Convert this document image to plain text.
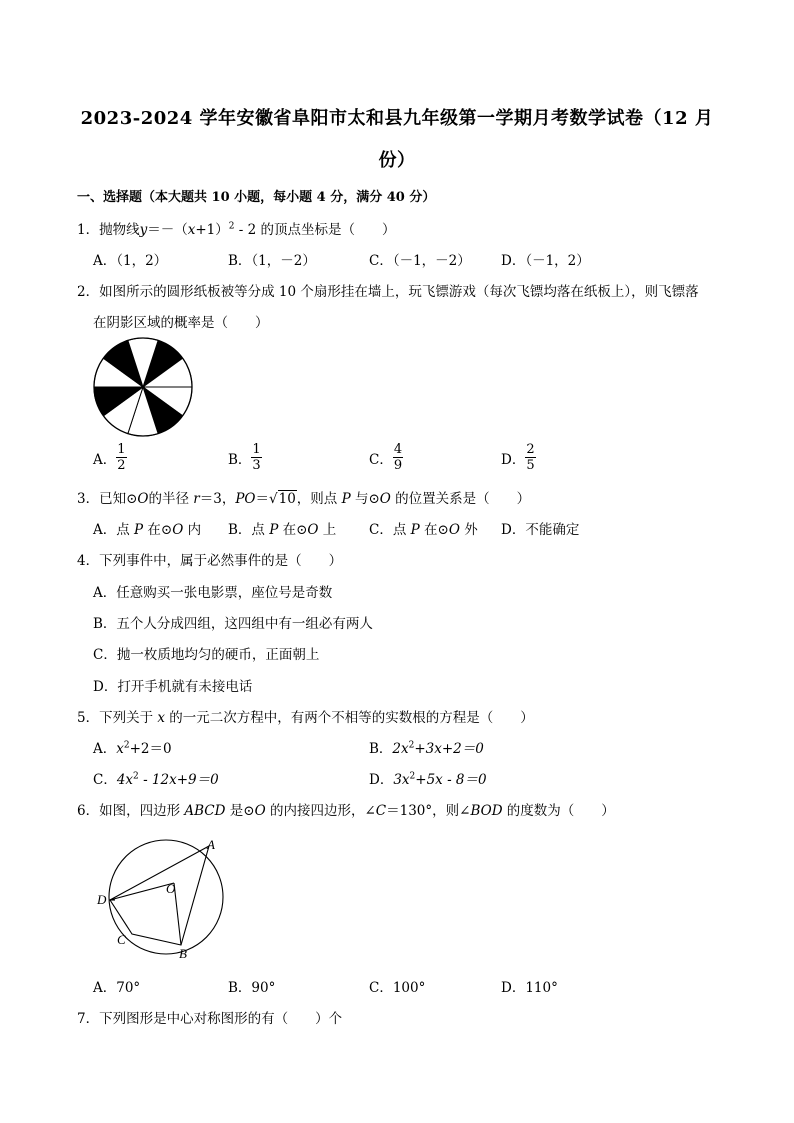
2023-2024 学年安徽省阜阳市太和县九年级第一学期月考数学试卷（12 月
份）
一、选择题（本大题共 10 小题，每小题 4 分，满分 40 分）
1．抛物线$y=-(x+1)^2 - 2$ 的顶点坐标是（　　）
A．（1，2）	B．（1，－2）	C．（－1，－2） D．（－1，2）
2．如图所示的圆形纸板被等分成 10 个扇形挂在墙上，玩飞镖游戏（每次飞镖均落在纸板上），则飞镖落
在阴影区域的概率是（　　）
A． $\frac{1}{2}$	B． $\frac{1}{3}$	C． $\frac{4}{9}$	D． $\frac{2}{5}$
3．已知⊙O的半径 r＝3，PO＝√10，则点 P 与⊙O 的位置关系是（　　）
A．点 P 在⊙O 内 B．点 P 在⊙O 上 C．点 P 在⊙O 外 D．不能确定
4．下列事件中，属于必然事件的是（　　）
A．任意购买一张电影票，座位号是奇数
B．五个人分成四组，这四组中有一组必有两人
C．抛一枚质地均匀的硬币，正面朝上
D．打开手机就有未接电话
5．下列关于 x 的一元二次方程中，有两个不相等的实数根的方程是（　　）
A．$x^2+2=0$	B．$2x^2+3x+2=0$
C．$4x^2 - 12x+9=0$	D．$3x^2+5x - 8=0$
6．如图，四边形 ABCD 是⊙O 的内接四边形，∠C＝130°，则∠BOD 的度数为（　　）
A
B
C
D
O
A．70°	B．90°	C．100°	D．110°
7．下列图形是中心对称图形的有（　　）个
